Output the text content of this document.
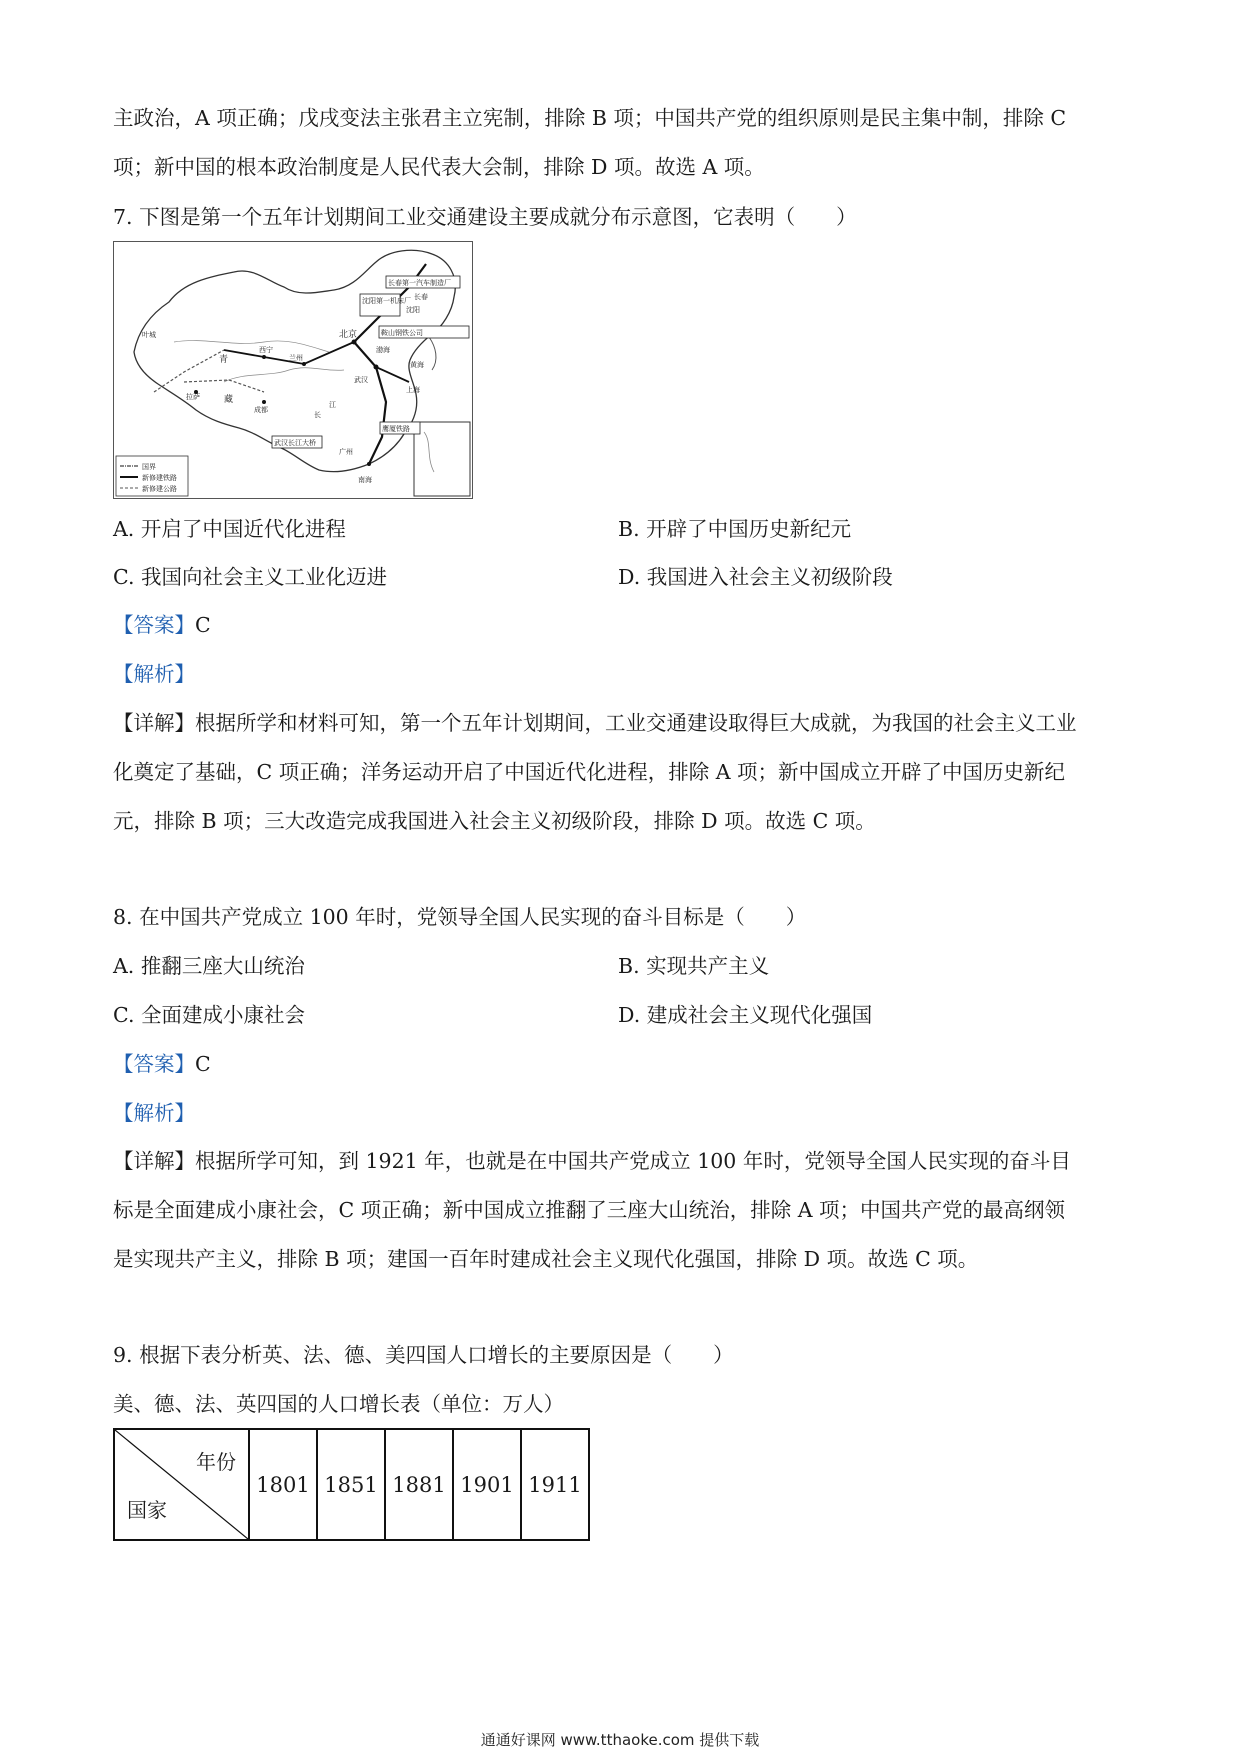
主政治，A 项正确；戊戌变法主张君主立宪制，排除 B 项；中国共产党的组织原则是民主集中制，排除 C
项；新中国的根本政治制度是人民代表大会制，排除 D 项。故选 A 项。
7. 下图是第一个五年计划期间工业交通建设主要成就分布示意图，它表明（　　）
长春第一汽车制造厂
沈阳第一机床厂 长春
沈阳
鞍山钢铁公司
北京
西宁
兰州
拉萨
成都
武汉
上海
武汉长江大桥
鹰厦铁路
广州
叶城
青
藏
渤海
黄海
南海
长
江
国界
新修建铁路
新修建公路
A. 开启了中国近代化进程	B. 开辟了中国历史新纪元
C. 我国向社会主义工业化迈进	D. 我国进入社会主义初级阶段
【答案】C
【解析】
【详解】根据所学和材料可知，第一个五年计划期间，工业交通建设取得巨大成就，为我国的社会主义工业
化奠定了基础，C 项正确；洋务运动开启了中国近代化进程，排除 A 项；新中国成立开辟了中国历史新纪
元，排除 B 项；三大改造完成我国进入社会主义初级阶段，排除 D 项。故选 C 项。
8. 在中国共产党成立 100 年时，党领导全国人民实现的奋斗目标是（　　）
A. 推翻三座大山统治	B. 实现共产主义
C. 全面建成小康社会	D. 建成社会主义现代化强国
【答案】C
【解析】
【详解】根据所学可知，到 1921 年，也就是在中国共产党成立 100 年时，党领导全国人民实现的奋斗目
标是全面建成小康社会，C 项正确；新中国成立推翻了三座大山统治，排除 A 项；中国共产党的最高纲领
是实现共产主义，排除 B 项；建国一百年时建成社会主义现代化强国，排除 D 项。故选 C 项。
9. 根据下表分析英、法、德、美四国人口增长的主要原因是（　　）
美、德、法、英四国的人口增长表（单位：万人）
年份
国家
	1801	1851	1881	1901	1911
通通好课网 www.tthaoke.com 提供下载
